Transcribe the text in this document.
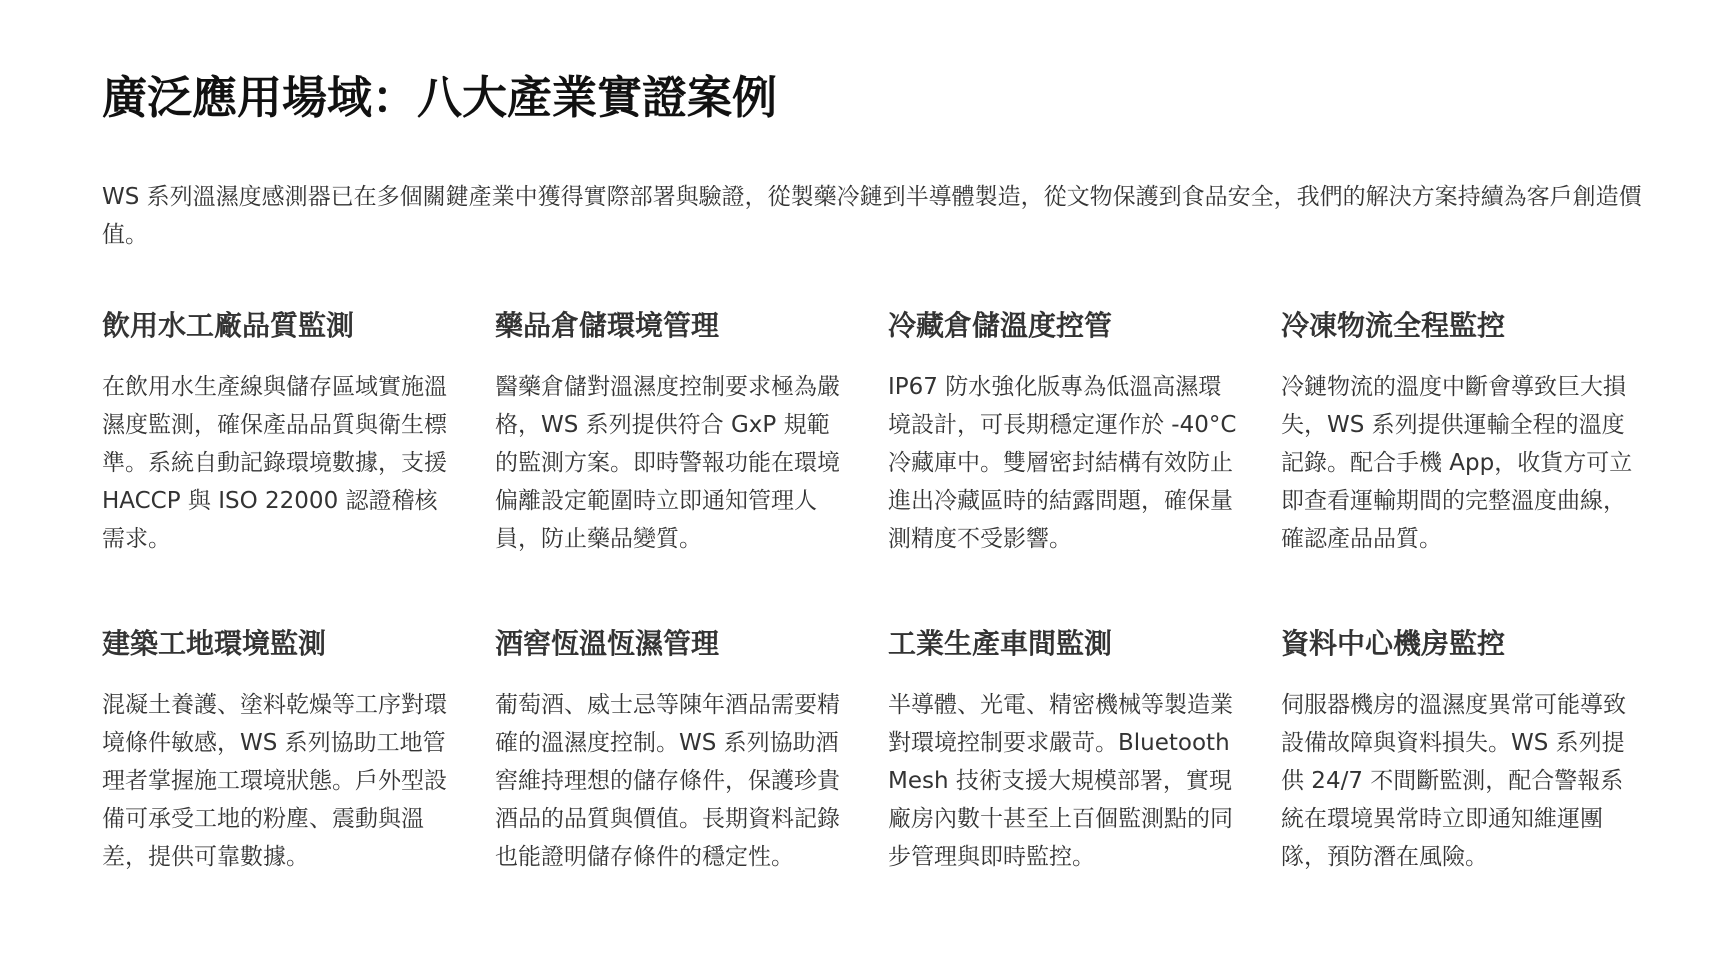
廣泛應用場域：八大產業實證案例

WS 系列溫濕度感測器已在多個關鍵產業中獲得實際部署與驗證，從製藥冷鏈到半導體製造，從文物保護到食品安全，我們的解決方案持續為客戶創造價值。

飲用水工廠品質監測

在飲用水生產線與儲存區域實施溫濕度監測，確保產品品質與衛生標準。系統自動記錄環境數據，支援 HACCP 與 ISO 22000 認證稽核需求。

藥品倉儲環境管理

醫藥倉儲對溫濕度控制要求極為嚴格，WS 系列提供符合 GxP 規範的監測方案。即時警報功能在環境偏離設定範圍時立即通知管理人員，防止藥品變質。

冷藏倉儲溫度控管

IP67 防水強化版專為低溫高濕環境設計，可長期穩定運作於 -40°C 冷藏庫中。雙層密封結構有效防止進出冷藏區時的結露問題，確保量測精度不受影響。

冷凍物流全程監控

冷鏈物流的溫度中斷會導致巨大損失，WS 系列提供運輸全程的溫度記錄。配合手機 App，收貨方可立即查看運輸期間的完整溫度曲線，確認產品品質。

建築工地環境監測

混凝土養護、塗料乾燥等工序對環境條件敏感，WS 系列協助工地管理者掌握施工環境狀態。戶外型設備可承受工地的粉塵、震動與溫差，提供可靠數據。

酒窖恆溫恆濕管理

葡萄酒、威士忌等陳年酒品需要精確的溫濕度控制。WS 系列協助酒窖維持理想的儲存條件，保護珍貴酒品的品質與價值。長期資料記錄也能證明儲存條件的穩定性。

工業生產車間監測

半導體、光電、精密機械等製造業對環境控制要求嚴苛。Bluetooth Mesh 技術支援大規模部署，實現廠房內數十甚至上百個監測點的同步管理與即時監控。

資料中心機房監控

伺服器機房的溫濕度異常可能導致設備故障與資料損失。WS 系列提供 24/7 不間斷監測，配合警報系統在環境異常時立即通知維運團隊，預防潛在風險。
